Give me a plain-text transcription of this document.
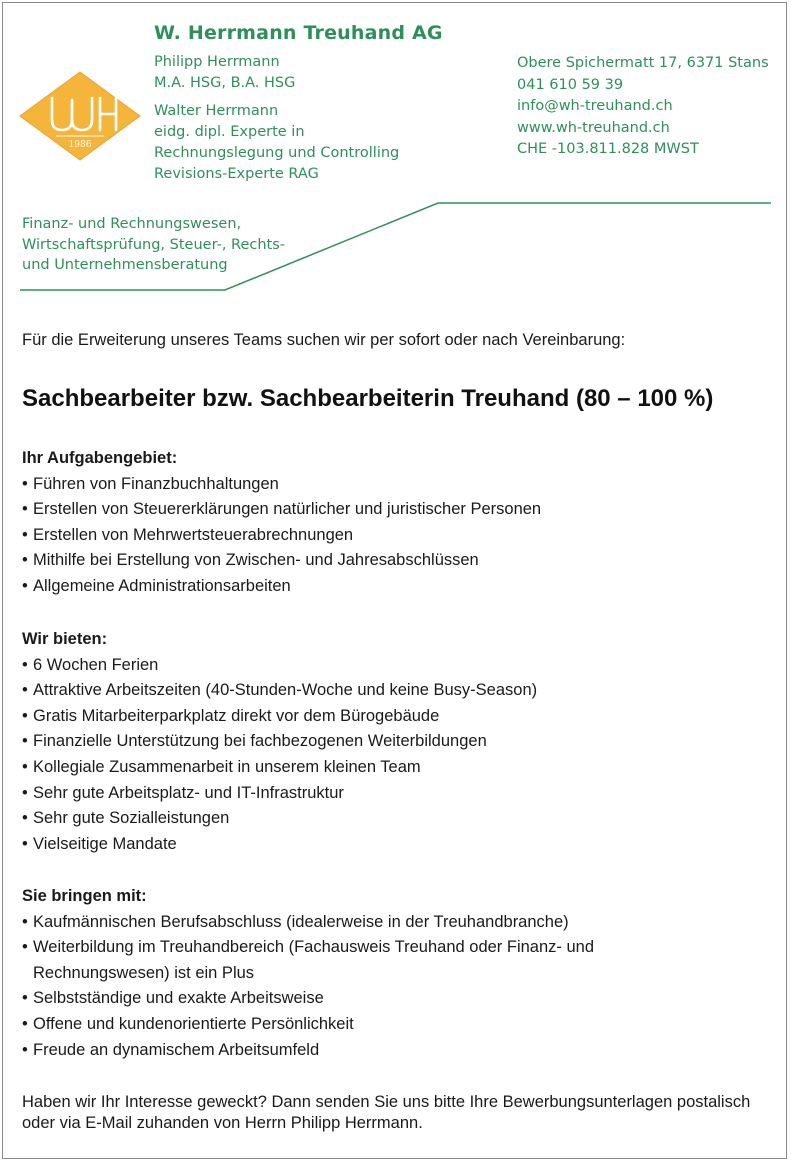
W. Herrmann Treuhand AG
Philipp Herrmann
M.A. HSG, B.A. HSG
Walter Herrmann
eidg. dipl. Experte in
Rechnungslegung und Controlling
Revisions-Experte RAG
Obere Spichermatt 17, 6371 Stans
041 610 59 39
info@wh-treuhand.ch
www.wh-treuhand.ch
CHE -103.811.828 MWST
1986
Finanz- und Rechnungswesen,
Wirtschaftsprüfung, Steuer-, Rechts-
und Unternehmensberatung
Für die Erweiterung unseres Teams suchen wir per sofort oder nach Vereinbarung:
Sachbearbeiter bzw. Sachbearbeiterin Treuhand (80 – 100 %)
Ihr Aufgabengebiet:
• Führen von Finanzbuchhaltungen
• Erstellen von Steuererklärungen natürlicher und juristischer Personen
• Erstellen von Mehrwertsteuerabrechnungen
• Mithilfe bei Erstellung von Zwischen- und Jahresabschlüssen
• Allgemeine Administrationsarbeiten
Wir bieten:
• 6 Wochen Ferien
• Attraktive Arbeitszeiten (40-Stunden-Woche und keine Busy-Season)
• Gratis Mitarbeiterparkplatz direkt vor dem Bürogebäude
• Finanzielle Unterstützung bei fachbezogenen Weiterbildungen
• Kollegiale Zusammenarbeit in unserem kleinen Team
• Sehr gute Arbeitsplatz- und IT-Infrastruktur
• Sehr gute Sozialleistungen
• Vielseitige Mandate
Sie bringen mit:
• Kaufmännischen Berufsabschluss (idealerweise in der Treuhandbranche)
• Weiterbildung im Treuhandbereich (Fachausweis Treuhand oder Finanz- und Rechnungswesen) ist ein Plus
• Selbstständige und exakte Arbeitsweise
• Offene und kundenorientierte Persönlichkeit
• Freude an dynamischem Arbeitsumfeld
Haben wir Ihr Interesse geweckt? Dann senden Sie uns bitte Ihre Bewerbungsunterlagen postalisch oder via E-Mail zuhanden von Herrn Philipp Herrmann.
